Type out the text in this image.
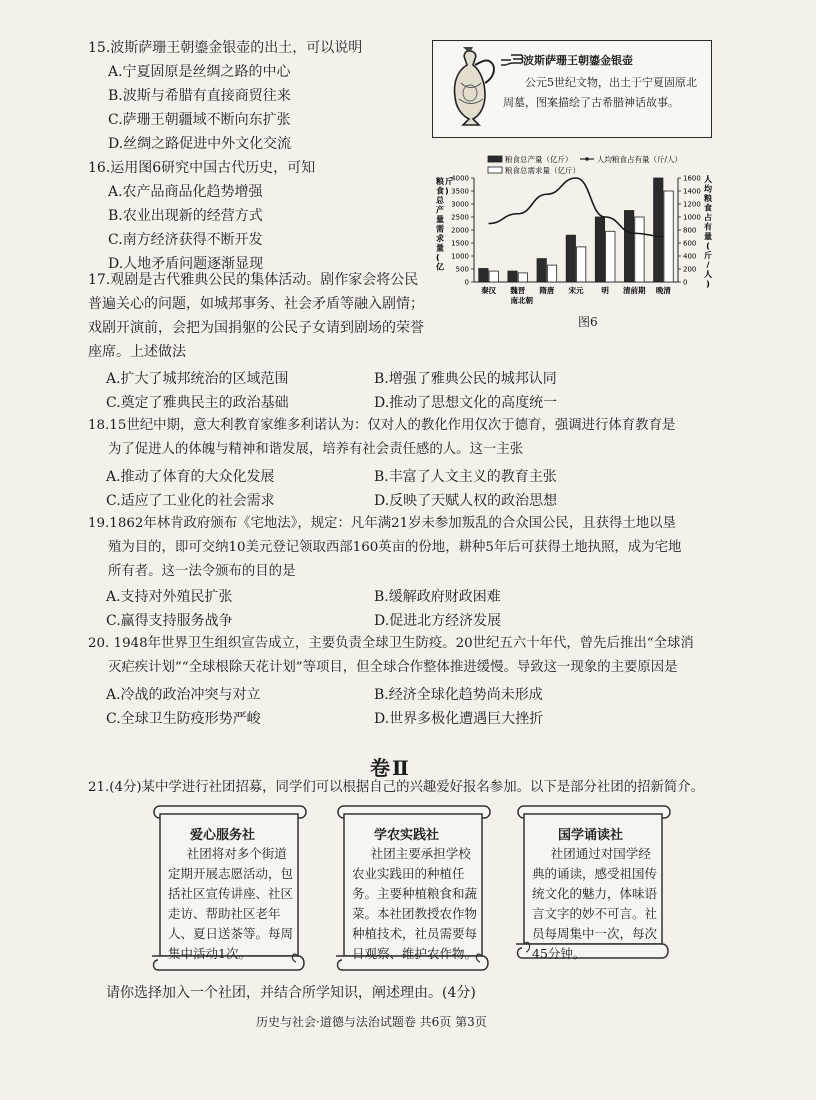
15.波斯萨珊王朝鎏金银壶的出土，可以说明
A.宁夏固原是丝绸之路的中心
B.波斯与希腊有直接商贸往来
C.萨珊王朝疆域不断向东扩张
D.丝绸之路促进中外文化交流
波斯萨珊王朝鎏金银壶
公元5世纪文物，出土于宁夏固原北周墓，图案描绘了古希腊神话故事。
16.运用图6研究中国古代历史，可知
A.农产品商品化趋势增强
B.农业出现新的经营方式
C.南方经济获得不断开发
D.人地矛盾问题逐渐显现
粮食总产量（亿斤）	人均粮食占有量（斤/人）
粮食总需求量（亿斤）
0
500
1000
1500
2000
2500
3000
3500
4000
0
200
400
600
800
1000
1200
1400
1600
粮
食
总
产
量
需
求
量
(
亿
斤
)
人
均
粮
食
占
有
量
(
斤
/
人
)
秦汉 魏晋
南北朝
隋唐 宋元 明 清前期 晚清
图6
17.观剧是古代雅典公民的集体活动。剧作家会将公民普遍关心的问题，如城邦事务、社会矛盾等融入剧情；戏剧开演前，会把为国捐躯的公民子女请到剧场的荣誉座席。上述做法
A.扩大了城邦统治的区域范围	B.增强了雅典公民的城邦认同
C.奠定了雅典民主的政治基础	D.推动了思想文化的高度统一
18.15世纪中期，意大利教育家维多利诺认为：仅对人的教化作用仅次于德育，强调进行体育教育是
为了促进人的体魄与精神和谐发展，培养有社会责任感的人。这一主张
A.推动了体育的大众化发展	B.丰富了人文主义的教育主张
C.适应了工业化的社会需求	D.反映了天赋人权的政治思想
19.1862年林肯政府颁布《宅地法》，规定：凡年满21岁未参加叛乱的合众国公民，且获得土地以垦
殖为目的，即可交纳10美元登记领取西部160英亩的份地，耕种5年后可获得土地执照，成为宅地
所有者。这一法令颁布的目的是
A.支持对外殖民扩张	B.缓解政府财政困难
C.赢得支持服务战争	D.促进北方经济发展
20. 1948年世界卫生组织宣告成立，主要负责全球卫生防疫。20世纪五六十年代，曾先后推出“全球消
灭疟疾计划”“全球根除天花计划”等项目，但全球合作整体推进缓慢。导致这一现象的主要原因是
A.冷战的政治冲突与对立	B.经济全球化趋势尚未形成
C.全球卫生防疫形势严峻	D.世界多极化遭遇巨大挫折
卷Ⅱ
21.(4分)某中学进行社团招募，同学们可以根据自己的兴趣爱好报名参加。以下是部分社团的招新简介。
爱心服务社
社团将对多个街道定期开展志愿活动，包括社区宣传讲座、社区走访、帮助社区老年人、夏日送茶等。每周集中活动1次。
学农实践社
社团主要承担学校农业实践田的种植任务。主要种植粮食和蔬菜。本社团教授农作物种植技术，社员需要每日观察、维护农作物。
国学诵读社
社团通过对国学经典的诵读，感受祖国传统文化的魅力，体味语言文字的妙不可言。社员每周集中一次，每次45分钟。
请你选择加入一个社团，并结合所学知识，阐述理由。(4分)
历史与社会·道德与法治试题卷 共6页 第3页
